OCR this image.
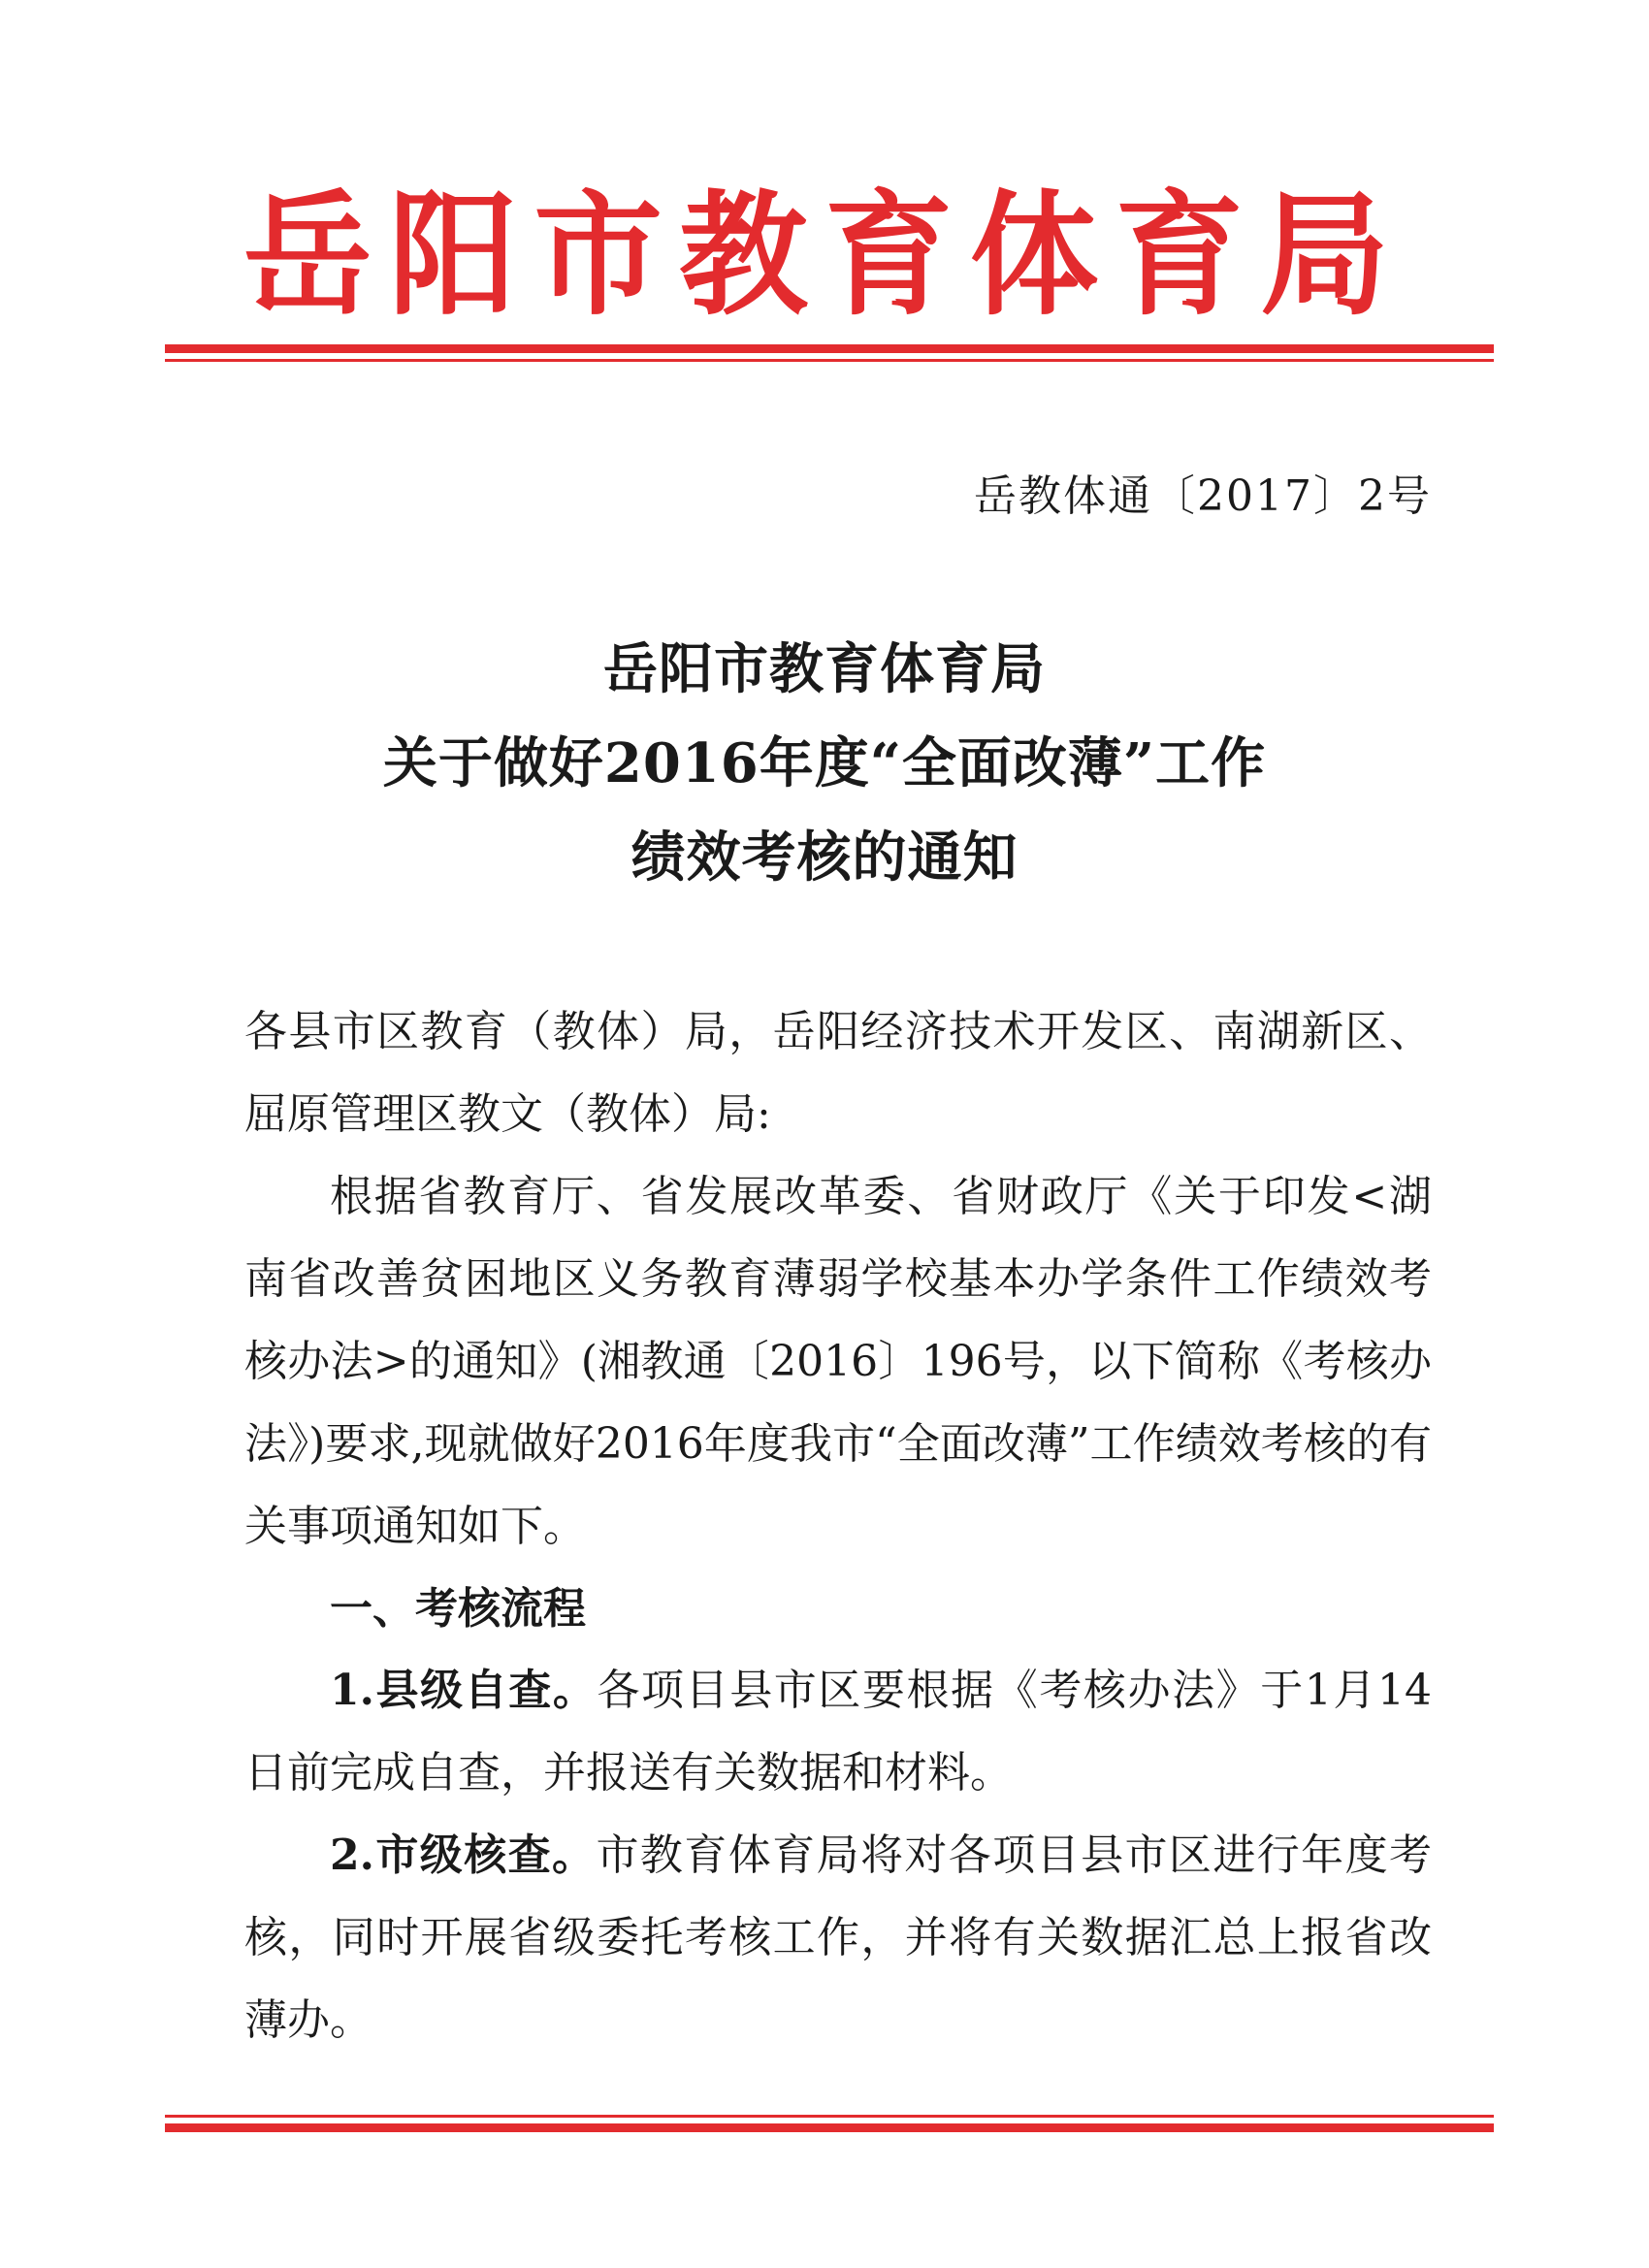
岳阳市教育体育局
岳教体通〔2017〕2号
岳阳市教育体育局
关于做好2016年度“全面改薄”工作
绩效考核的通知

各县市区教育（教体）局，岳阳经济技术开发区、南湖新区、屈原管理区教文（教体）局:

根据省教育厅、省发展改革委、省财政厅《关于印发<湖南省改善贫困地区义务教育薄弱学校基本办学条件工作绩效考核办法>的通知》(湘教通〔2016〕196号，以下简称《考核办法》)要求,现就做好2016年度我市“全面改薄”工作绩效考核的有关事项通知如下。

一、考核流程

1.县级自查。各项目县市区要根据《考核办法》于1月14日前完成自查，并报送有关数据和材料。

2.市级核查。市教育体育局将对各项目县市区进行年度考核，同时开展省级委托考核工作，并将有关数据汇总上报省改薄办。
